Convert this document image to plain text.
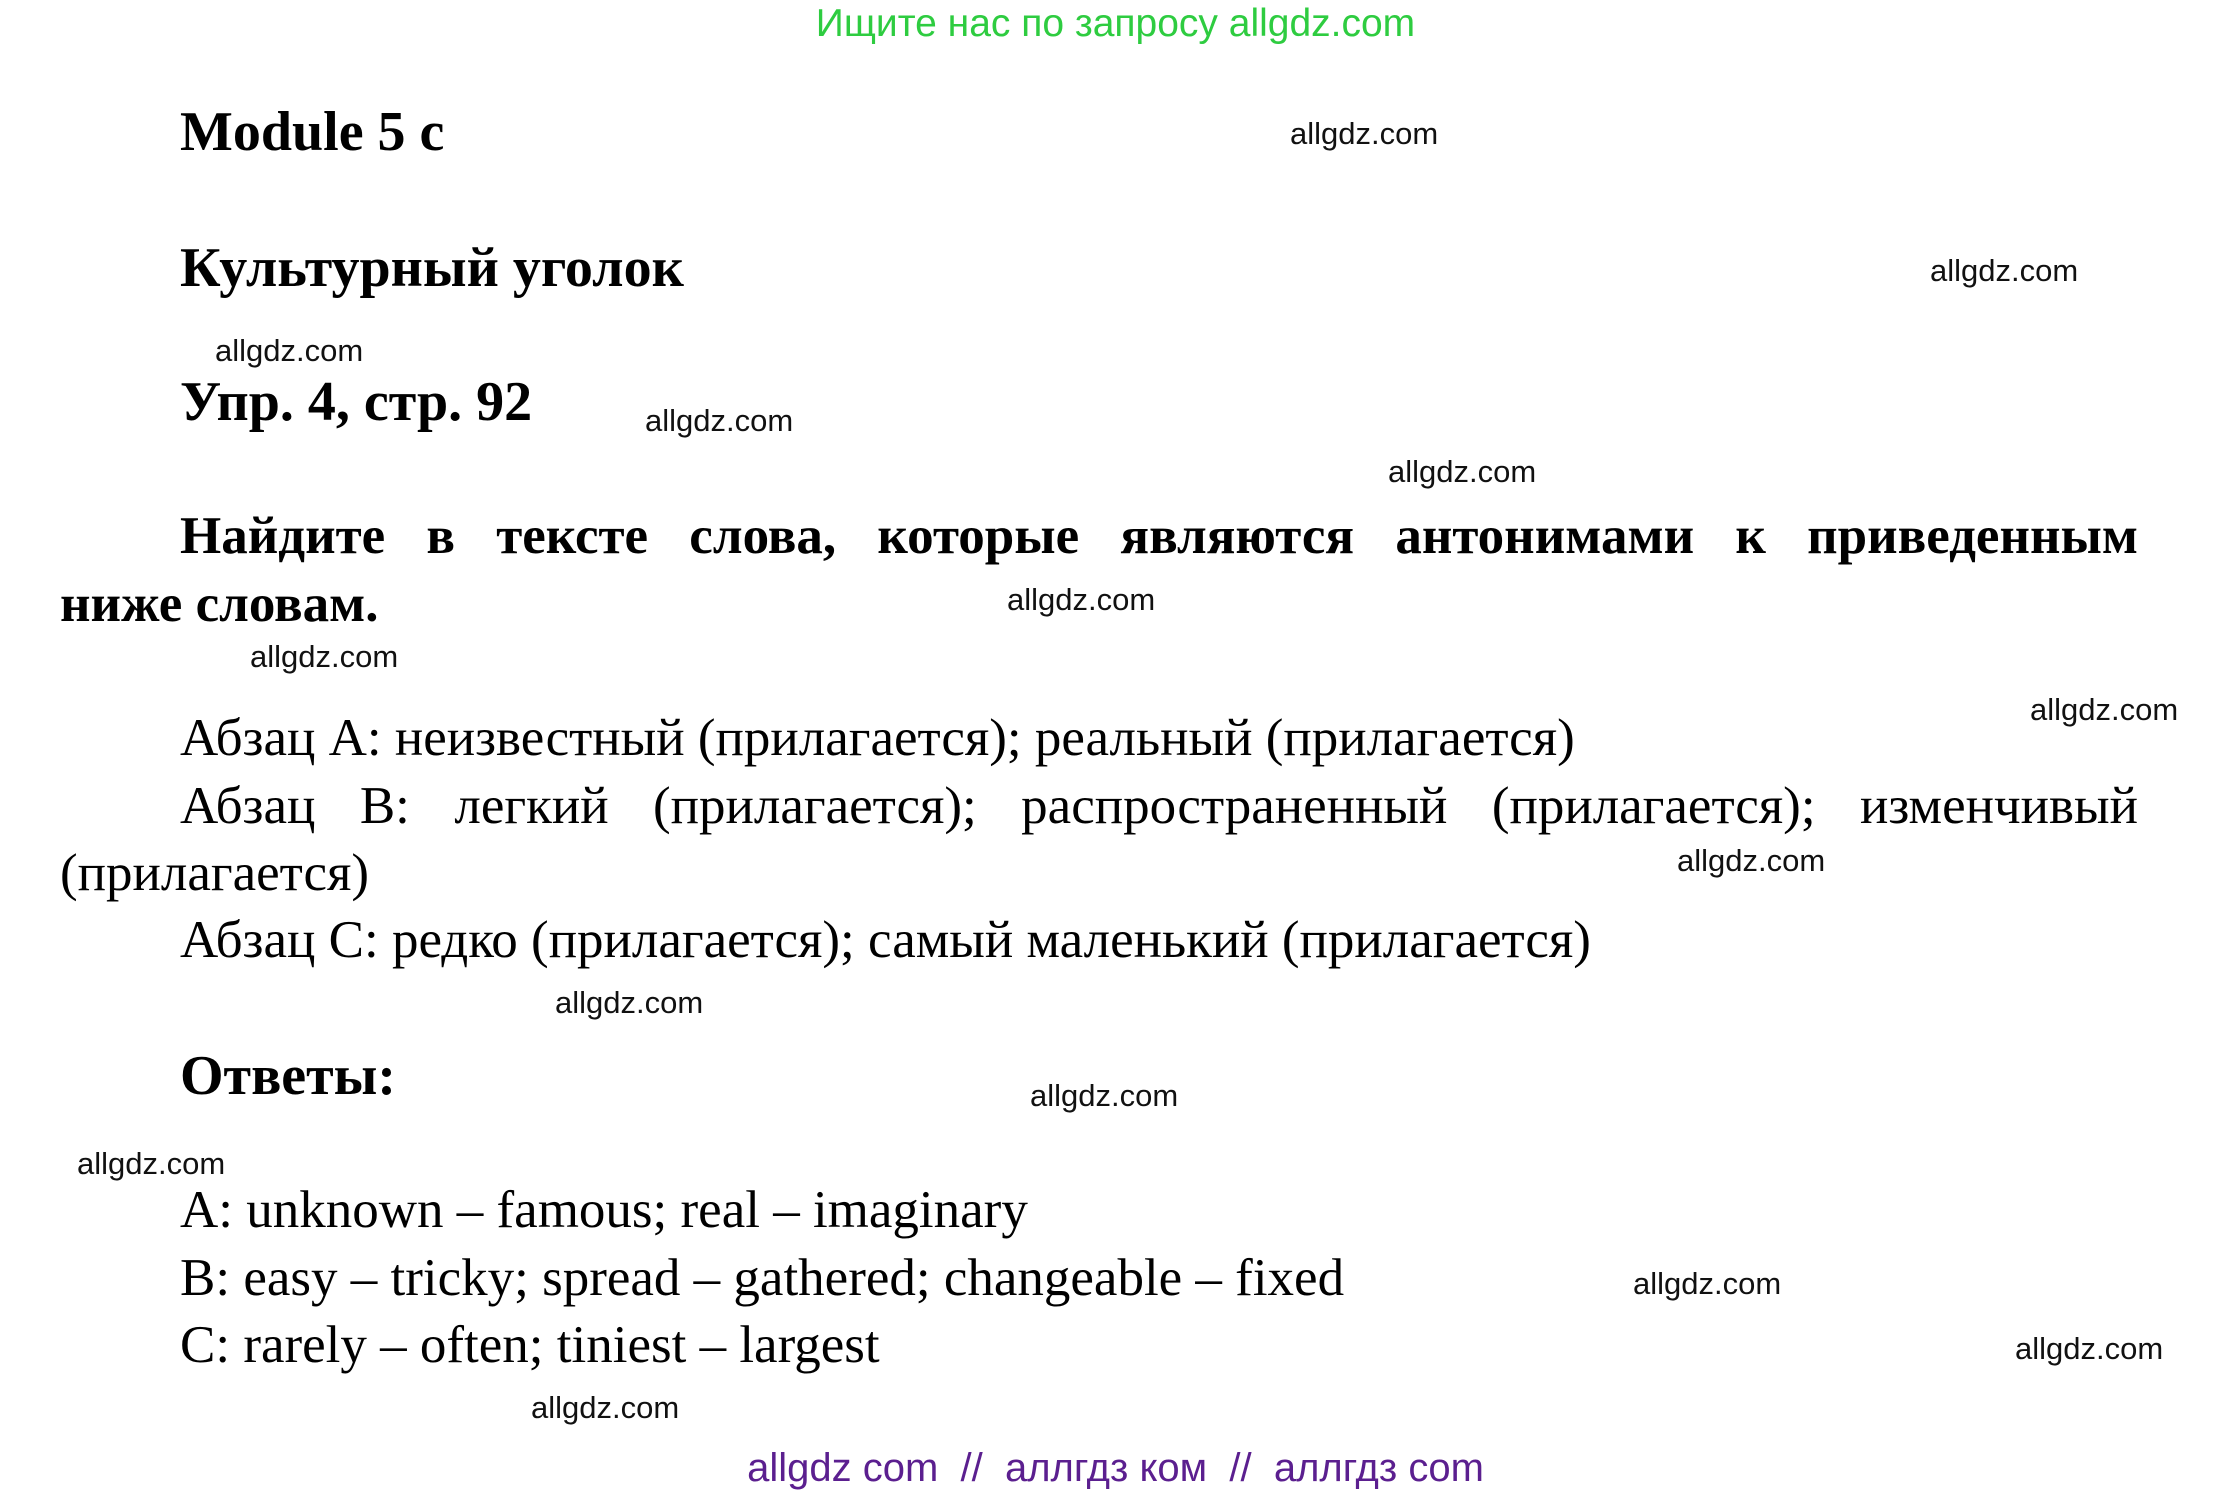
Ищите нас по запросу allgdz.com
Module 5 c
Культурный уголок
Упр. 4, стр. 92
Найдите в тексте слова, которые являются антонимами к приведенным
ниже словам.
Абзац A: неизвестный (прилагается); реальный (прилагается)
Абзац B: легкий (прилагается); распространенный (прилагается); изменчивый
(прилагается)
Абзац C: редко (прилагается); самый маленький (прилагается)
Ответы:
A: unknown – famous; real – imaginary
B: easy – tricky; spread – gathered; changeable – fixed
C: rarely – often; tiniest – largest
allgdz.com
allgdz.com
allgdz.com
allgdz.com
allgdz.com
allgdz.com
allgdz.com
allgdz.com
allgdz.com
allgdz.com
allgdz.com
allgdz.com
allgdz.com
allgdz.com
allgdz.com
allgdz com  //  аллгдз ком  //  аллгдз com
